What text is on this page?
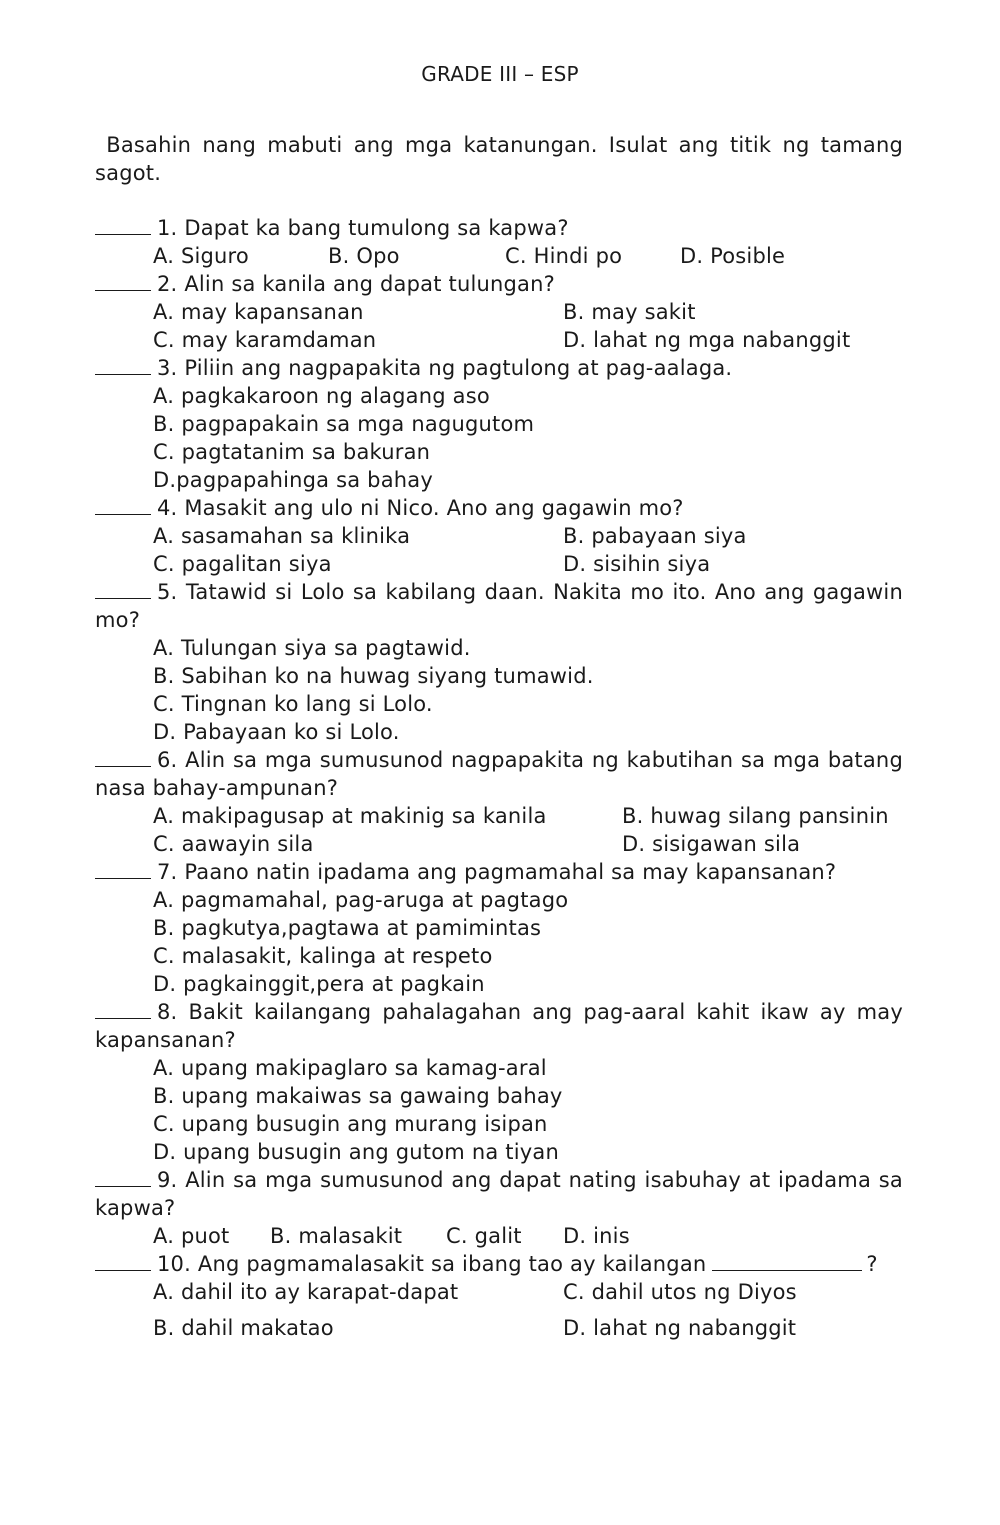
GRADE III – ESP
Basahin nang mabuti ang mga katanungan. Isulat ang titik ng tamang sagot.
1. Dapat ka bang tumulong sa kapwa?
A. Siguro	B. Opo	C. Hindi po	D. Posible
2. Alin sa kanila ang dapat tulungan?
A. may kapansanan	B. may sakit
C. may karamdaman	D. lahat ng mga nabanggit
3. Piliin ang nagpapakita ng pagtulong at pag-aalaga.
A. pagkakaroon ng alagang aso
B. pagpapakain sa mga nagugutom
C. pagtatanim sa bakuran
D.pagpapahinga sa bahay
4. Masakit ang ulo ni Nico. Ano ang gagawin mo?
A. sasamahan sa klinika	B. pabayaan siya
C. pagalitan siya	D. sisihin siya
5. Tatawid si Lolo sa kabilang daan. Nakita mo ito. Ano ang gagawin mo?
A. Tulungan siya sa pagtawid.
B. Sabihan ko na huwag siyang tumawid.
C. Tingnan ko lang si Lolo.
D. Pabayaan ko si Lolo.
6. Alin sa mga sumusunod nagpapakita ng kabutihan sa mga batang nasa bahay-ampunan?
A. makipagusap at makinig sa kanila	B. huwag silang pansinin
C. aawayin sila	D. sisigawan sila
7. Paano natin ipadama ang pagmamahal sa may kapansanan?
A. pagmamahal, pag-aruga at pagtago
B. pagkutya,pagtawa at pamimintas
C. malasakit, kalinga at respeto
D. pagkainggit,pera at pagkain
8. Bakit kailangang pahalagahan ang pag-aaral kahit ikaw ay may kapansanan?
A. upang makipaglaro sa kamag-aral
B. upang makaiwas sa gawaing bahay
C. upang busugin ang murang isipan
D. upang busugin ang gutom na tiyan
9. Alin sa mga sumusunod ang dapat nating isabuhay at ipadama sa kapwa?
A. puot B. malasakit C. galit D. inis
10. Ang pagmamalasakit sa ibang tao ay kailangan	?
A. dahil ito ay karapat-dapat	C. dahil utos ng Diyos
B. dahil makatao	D. lahat ng nabanggit
